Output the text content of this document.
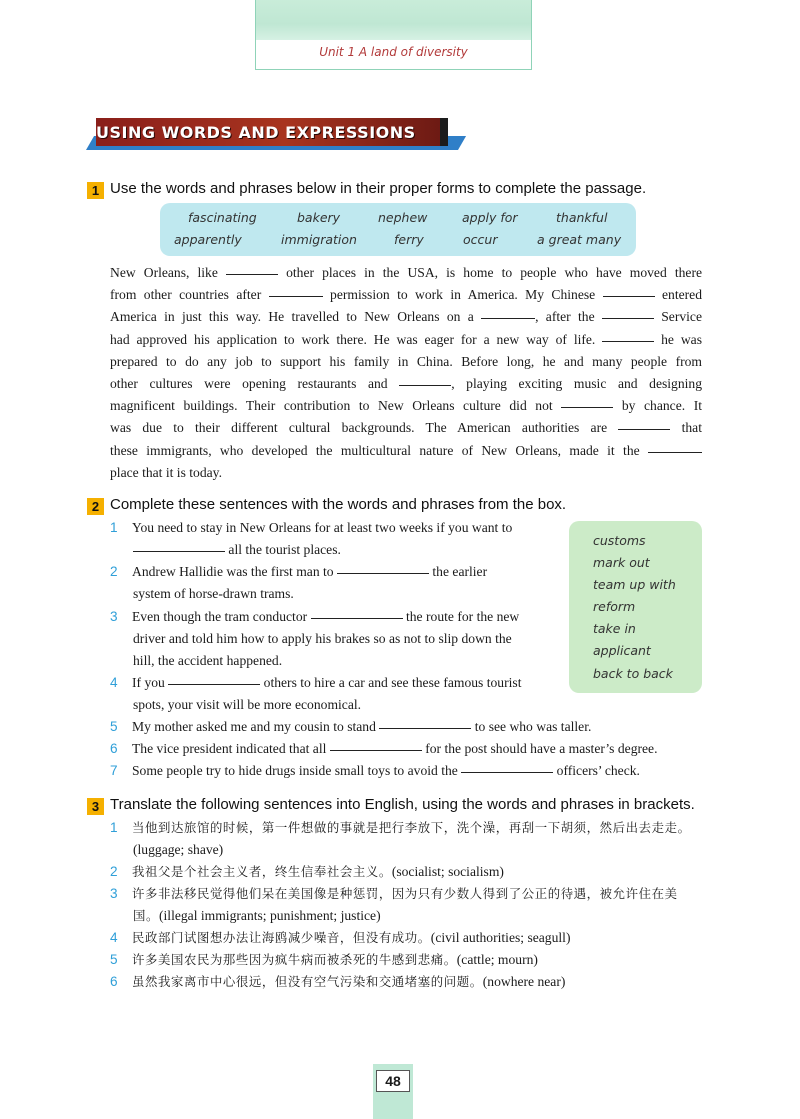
Unit 1 A land of diversity
USING WORDS AND EXPRESSIONS
1 Use the words and phrases below in their proper forms to complete the passage.
fascinating	bakery	nephew	apply for	thankful
apparently	immigration	ferry	occur	a great many
New Orleans, like	other places in the USA, is home to people who have moved there
from other countries after	permission to work in America. My Chinese	entered
America in just this way. He travelled to New Orleans on a	, after the	Service
had approved his application to work there. He was eager for a new way of life.	he was
prepared to do any job to support his family in China. Before long, he and many people from
other cultures were opening restaurants and	, playing exciting music and designing
magnificent buildings. Their contribution to New Orleans culture did not	by chance. It
was due to their different cultural backgrounds. The American authorities are	that
these immigrants, who developed the multicultural nature of New Orleans, made it the
place that it is today.
2 Complete these sentences with the words and phrases from the box.
customs
mark out
team up with
reform
take in
applicant
back to back
1 You need to stay in New Orleans for at least two weeks if you want to
all the tourist places.
2 Andrew Hallidie was the first man to	the earlier
system of horse-drawn trams.
3 Even though the tram conductor	the route for the new
driver and told him how to apply his brakes so as not to slip down the
hill, the accident happened.
4 If you	others to hire a car and see these famous tourist
spots, your visit will be more economical.
5 My mother asked me and my cousin to stand	to see who was taller.
6 The vice president indicated that all	for the post should have a master’s degree.
7 Some people try to hide drugs inside small toys to avoid the	officers’ check.
3 Translate the following sentences into English, using the words and phrases in brackets.
1 当他到达旅馆的时候，第一件想做的事就是把行李放下，洗个澡，再刮一下胡须，然后出去走走。
(luggage; shave)
2 我祖父是个社会主义者，终生信奉社会主义。(socialist; socialism)
3 许多非法移民觉得他们呆在美国像是种惩罚，因为只有少数人得到了公正的待遇，被允许住在美
国。(illegal immigrants; punishment; justice)
4 民政部门试图想办法让海鸥减少噪音，但没有成功。(civil authorities; seagull)
5 许多美国农民为那些因为疯牛病而被杀死的牛感到悲痛。(cattle; mourn)
6 虽然我家离市中心很远，但没有空气污染和交通堵塞的问题。(nowhere near)
48
